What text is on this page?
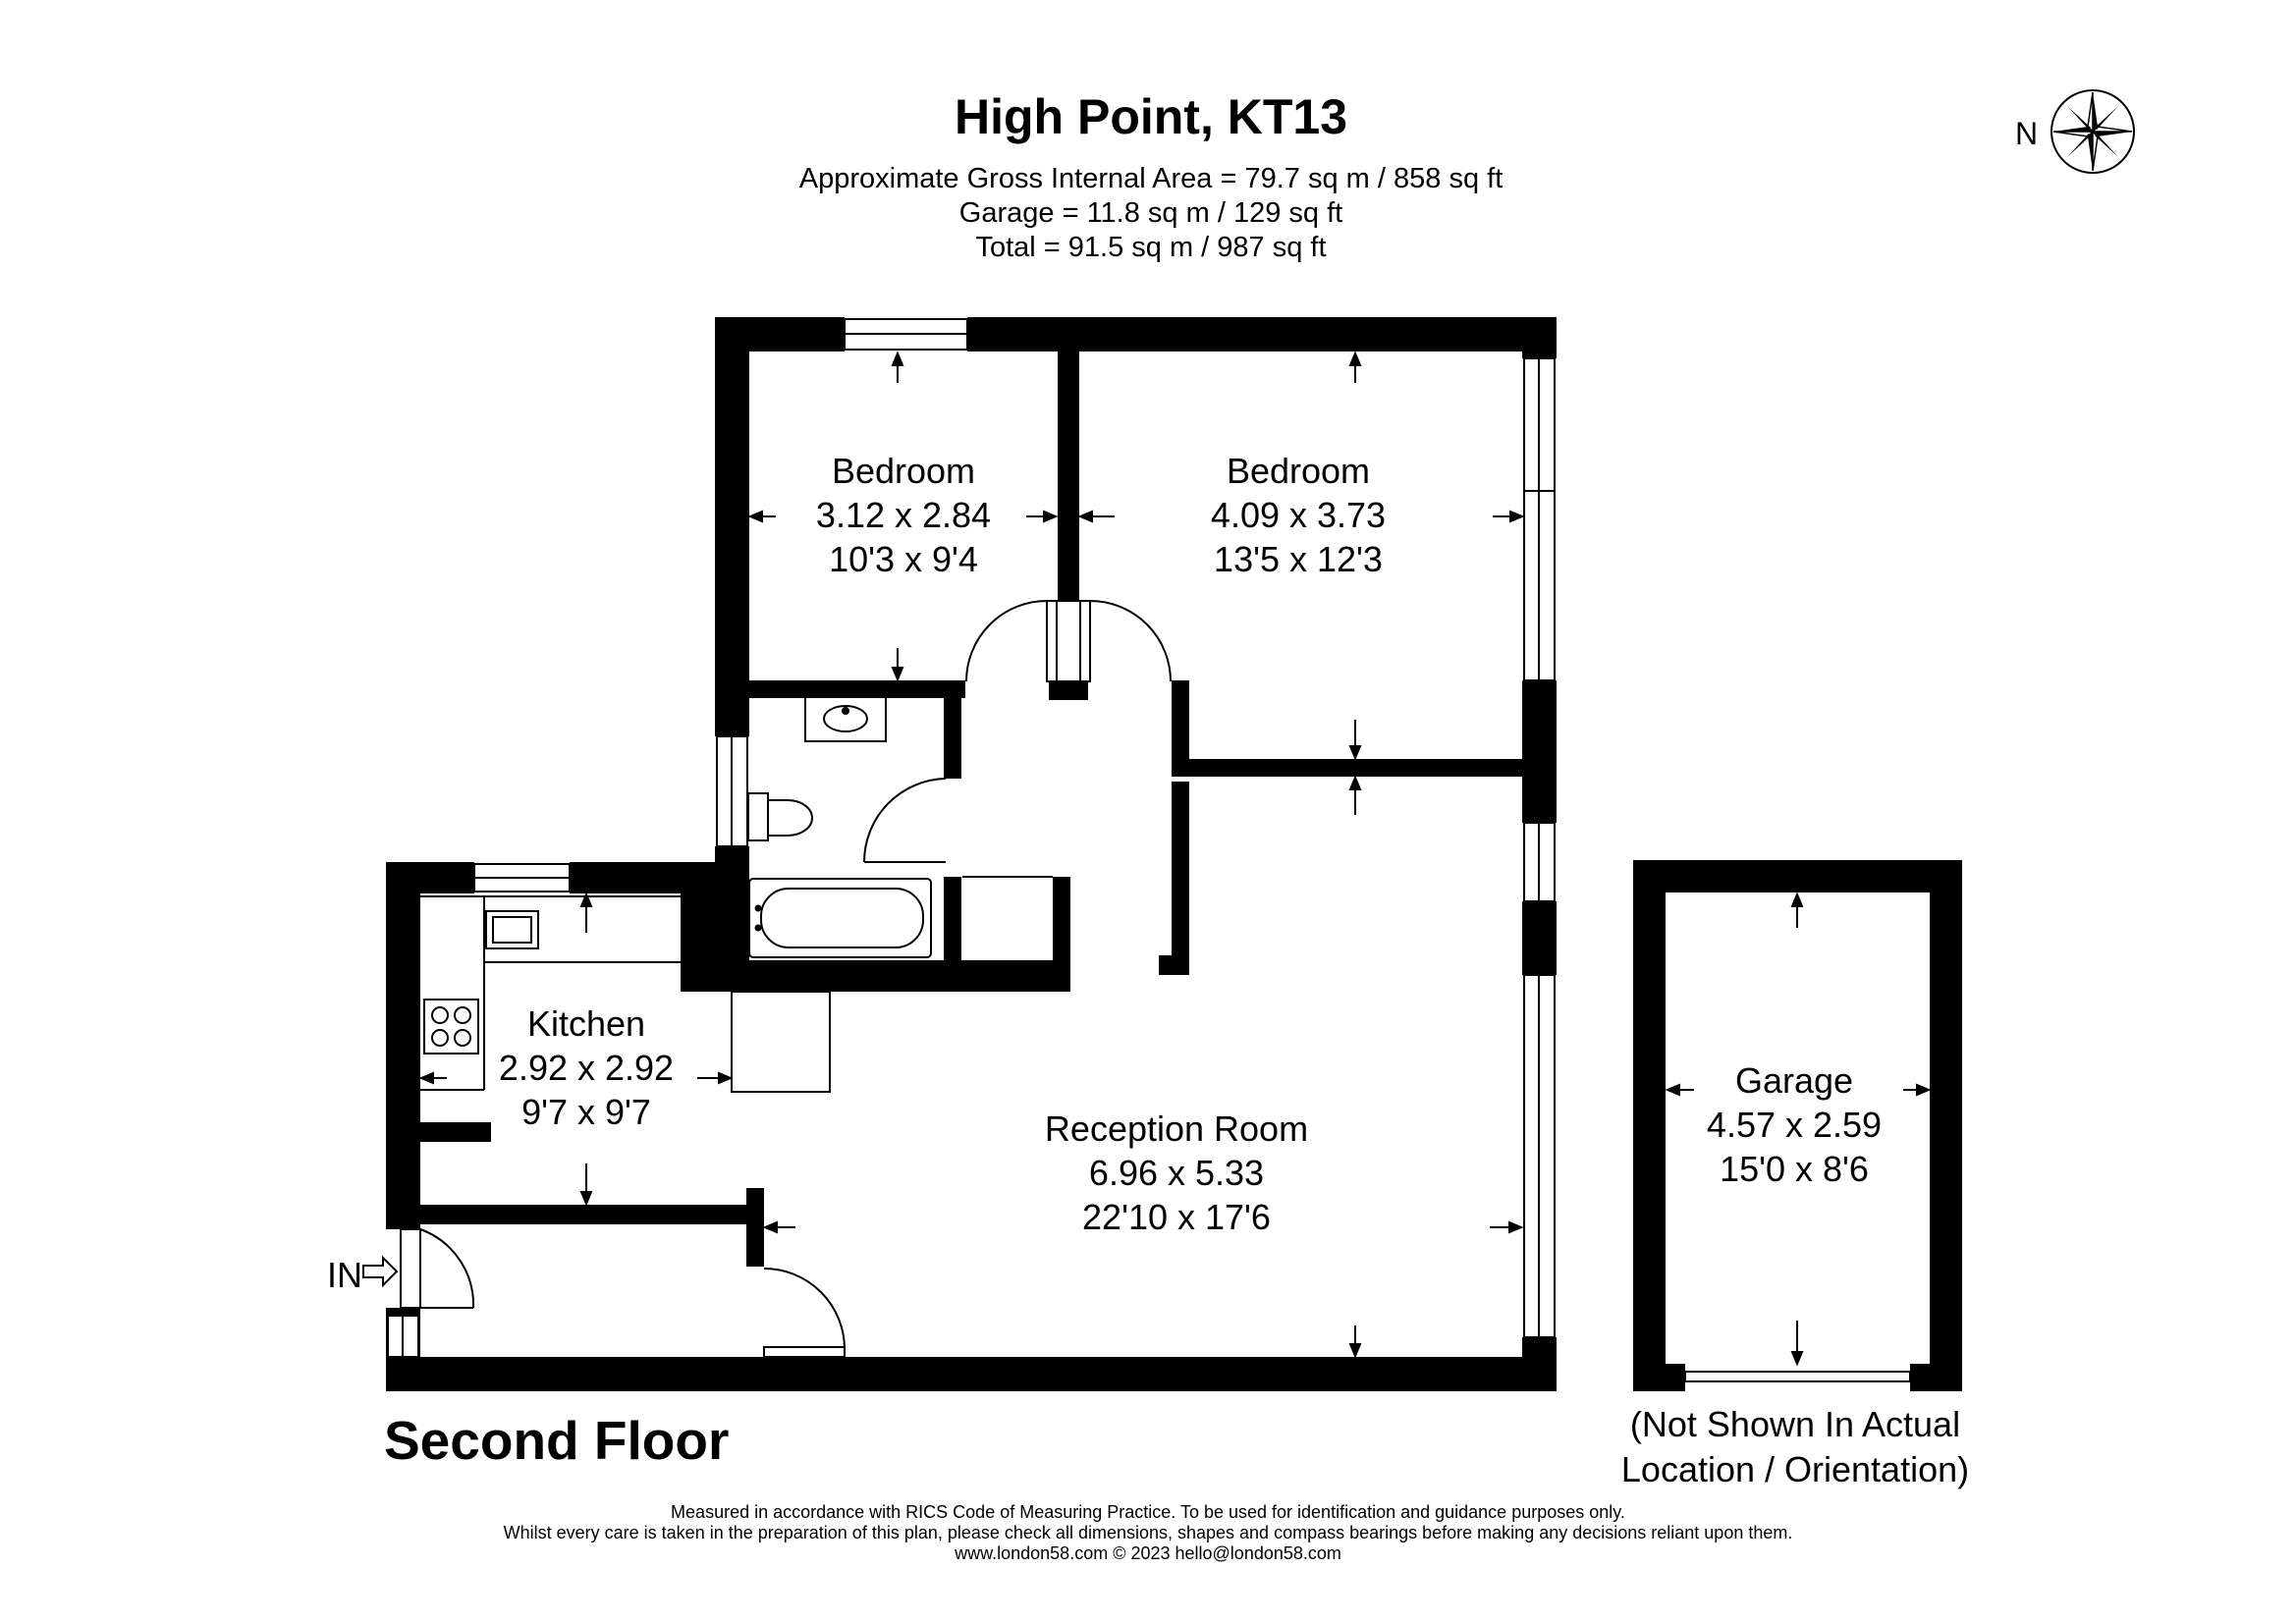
High Point, KT13
Approximate Gross Internal Area = 79.7 sq m / 858 sq ft
Garage = 11.8 sq m / 129 sq ft
Total = 91.5 sq m / 987 sq ft
N
Bedroom
3.12 x 2.84
10'3 x 9'4
Bedroom
4.09 x 3.73
13'5 x 12'3
Kitchen
2.92 x 2.92
9'7 x 9'7	Reception Room
6.96 x 5.33
22'10 x 17'6
Garage
4.57 x 2.59
15'0 x 8'6
IN
Second Floor	(Not Shown In Actual
Location / Orientation)
Measured in accordance with RICS Code of Measuring Practice. To be used for identification and guidance purposes only.
Whilst every care is taken in the preparation of this plan, please check all dimensions, shapes and compass bearings before making any decisions reliant upon them.
www.london58.com © 2023 hello@london58.com
